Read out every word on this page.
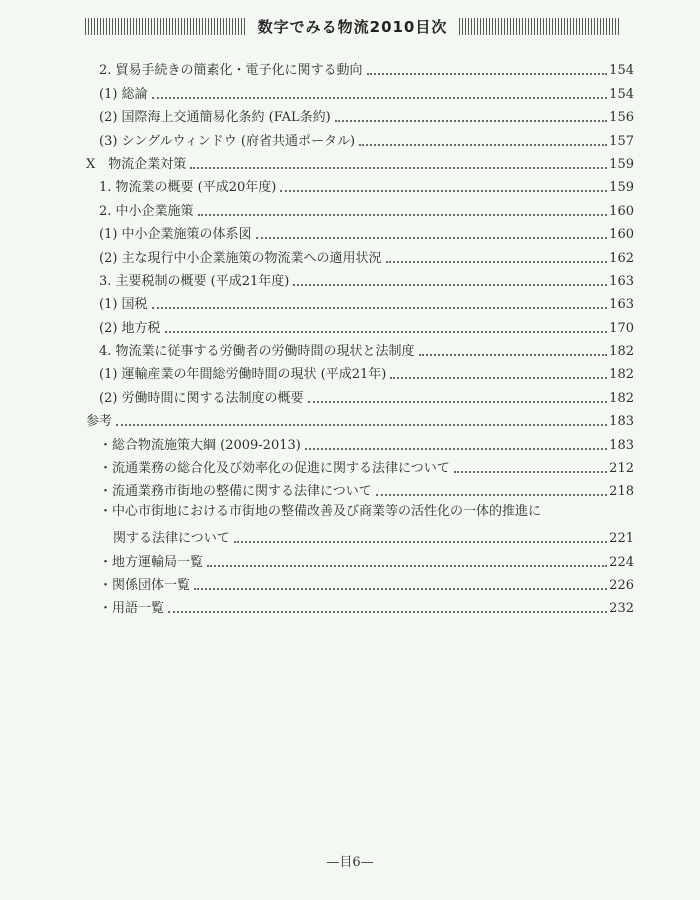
数字でみる物流2010目次
2. 貿易手続きの簡素化・電子化に関する動向	154
(1) 総論	154
(2) 国際海上交通簡易化条約 (FAL条約)	156
(3) シングルウィンドウ (府省共通ポータル)	157
X　物流企業対策	159
1. 物流業の概要 (平成20年度)	159
2. 中小企業施策	160
(1) 中小企業施策の体系図	160
(2) 主な現行中小企業施策の物流業への適用状況	162
3. 主要税制の概要 (平成21年度)	163
(1) 国税	163
(2) 地方税	170
4. 物流業に従事する労働者の労働時間の現状と法制度	182
(1) 運輸産業の年間総労働時間の現状 (平成21年)	182
(2) 労働時間に関する法制度の概要	182
参考	183
・総合物流施策大綱 (2009-2013)	183
・流通業務の総合化及び効率化の促進に関する法律について	212
・流通業務市街地の整備に関する法律について	218
・中心市街地における市街地の整備改善及び商業等の活性化の一体的推進に
関する法律について	221
・地方運輸局一覧	224
・関係団体一覧	226
・用語一覧	232
—目6—
